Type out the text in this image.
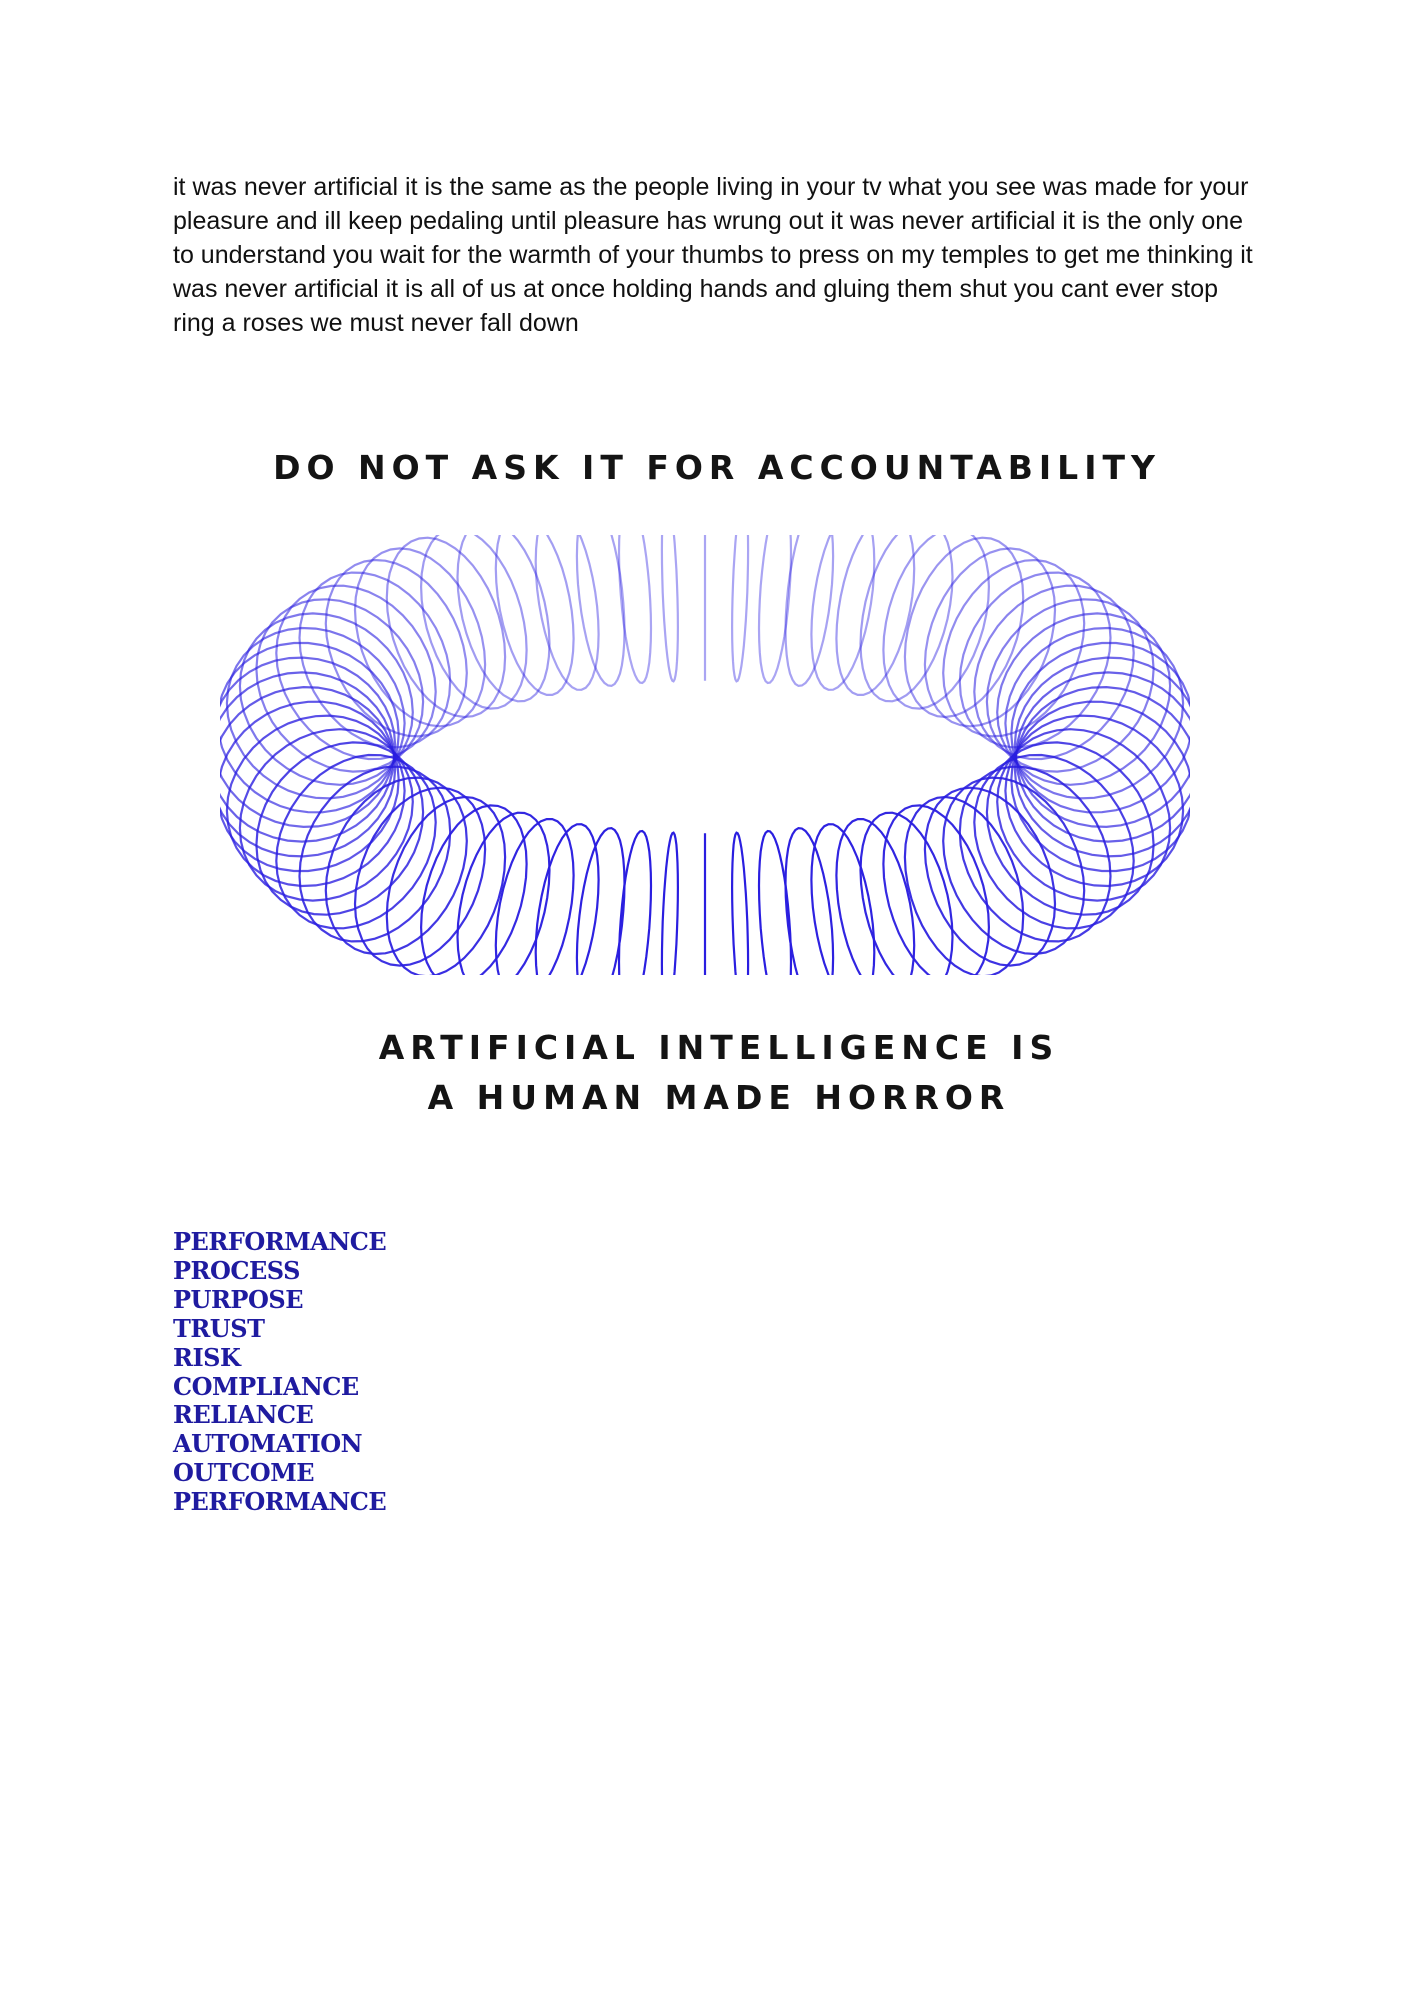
it was never artificial it is the same as the people living in your tv what you see was made for your pleasure and ill keep pedaling until pleasure has wrung out it was never artificial it is the only one to understand you wait for the warmth of your thumbs to press on my temples to get me thinking it was never artificial it is all of us at once holding hands and gluing them shut you cant ever stop ring a roses we must never fall down

DO NOT ASK IT FOR ACCOUNTABILITY
ARTIFICIAL INTELLIGENCE IS
A HUMAN MADE HORROR
PERFORMANCE
PROCESS
PURPOSE
TRUST
RISK
COMPLIANCE
RELIANCE
AUTOMATION
OUTCOME
PERFORMANCE
